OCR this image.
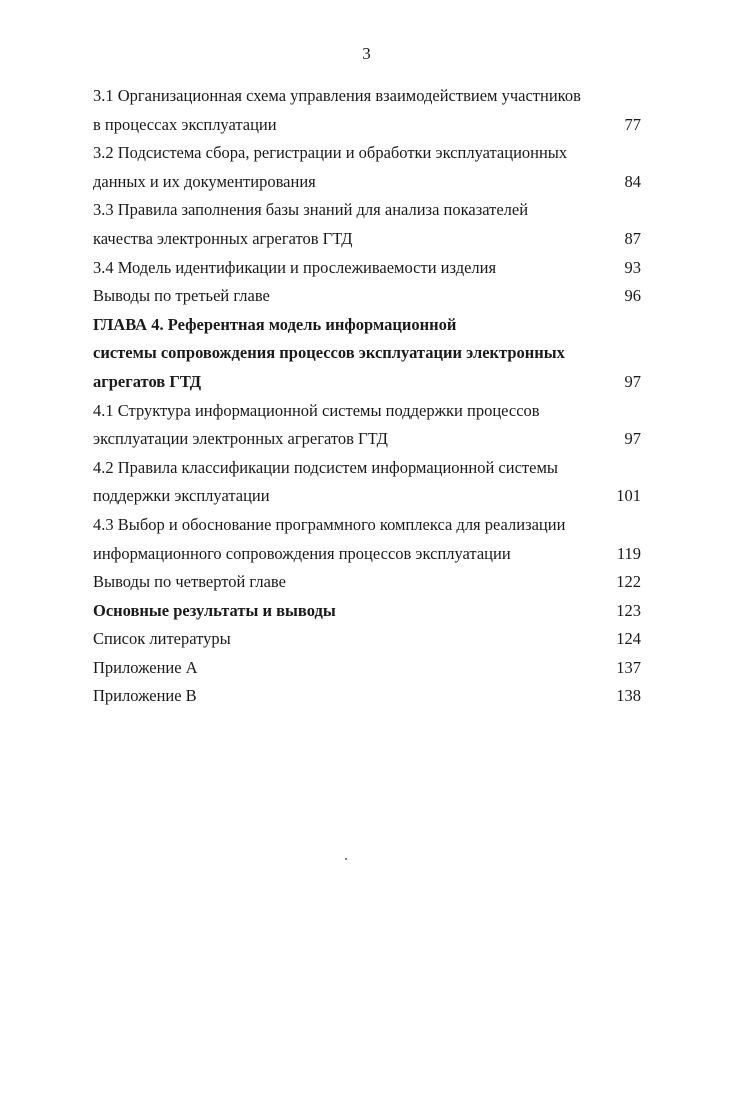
3
3.1 Организационная схема управления взаимодействием участников
в процессах эксплуатации	77
3.2 Подсистема сбора, регистрации и обработки эксплуатационных
данных и их документирования	84
3.3 Правила заполнения базы знаний для анализа показателей
качества электронных агрегатов ГТД	87
3.4 Модель идентификации и прослеживаемости изделия	93
Выводы по третьей главе	96
ГЛАВА 4. Референтная модель информационной
системы сопровождения процессов эксплуатации электронных
агрегатов ГТД	97
4.1 Структура информационной системы поддержки процессов
эксплуатации электронных агрегатов ГТД	97
4.2 Правила классификации подсистем информационной системы
поддержки эксплуатации	101
4.3 Выбор и обоснование программного комплекса для реализации
информационного сопровождения процессов эксплуатации	119
Выводы по четвертой главе	122
Основные результаты и выводы	123
Список литературы	124
Приложение А	137
Приложение В	138
